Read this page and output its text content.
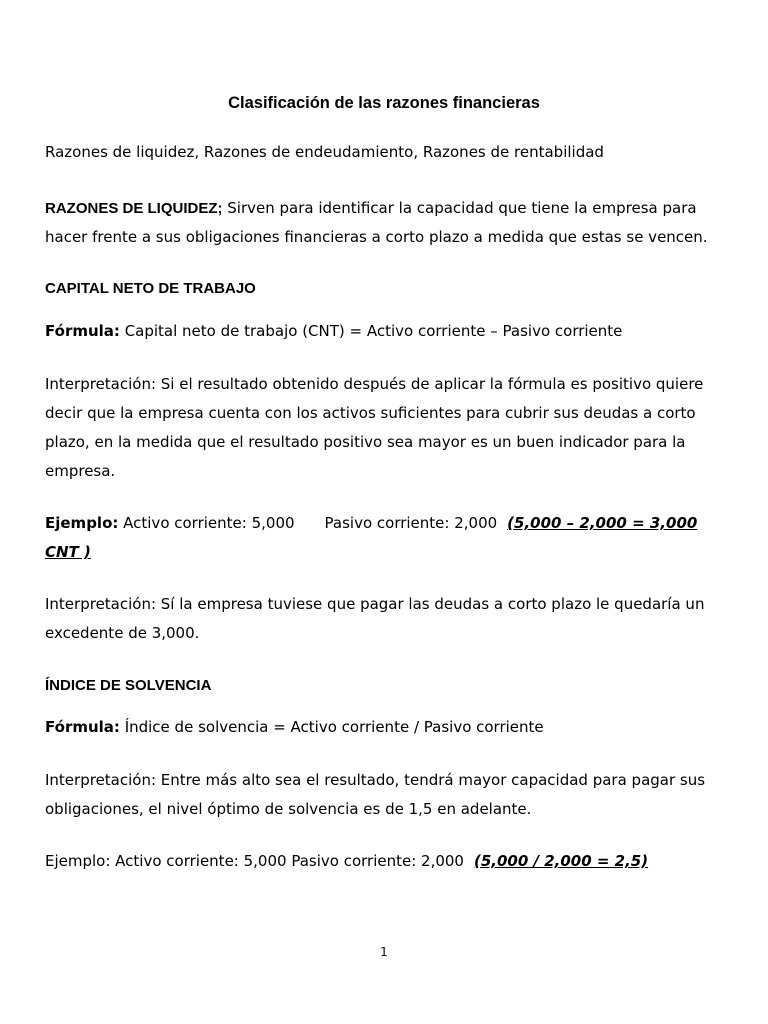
Clasificación de las razones financieras

Razones de liquidez, Razones de endeudamiento, Razones de rentabilidad

RAZONES DE LIQUIDEZ; Sirven para identificar la capacidad que tiene la empresa para hacer frente a sus obligaciones financieras a corto plazo a medida que estas se vencen.

CAPITAL NETO DE TRABAJO

Fórmula: Capital neto de trabajo (CNT) = Activo corriente – Pasivo corriente

Interpretación: Si el resultado obtenido después de aplicar la fórmula es positivo quiere decir que la empresa cuenta con los activos suficientes para cubrir sus deudas a corto plazo, en la medida que el resultado positivo sea mayor es un buen indicador para la empresa.

Ejemplo: Activo corriente: 5,000 Pasivo corriente: 2,000 (5,000 – 2,000 = 3,000 CNT )

Interpretación: Sí la empresa tuviese que pagar las deudas a corto plazo le quedaría un excedente de 3,000.

ÍNDICE DE SOLVENCIA

Fórmula: Índice de solvencia = Activo corriente / Pasivo corriente

Interpretación: Entre más alto sea el resultado, tendrá mayor capacidad para pagar sus obligaciones, el nivel óptimo de solvencia es de 1,5 en adelante.

Ejemplo: Activo corriente: 5,000 Pasivo corriente: 2,000 (5,000 / 2,000 = 2,5)

1
